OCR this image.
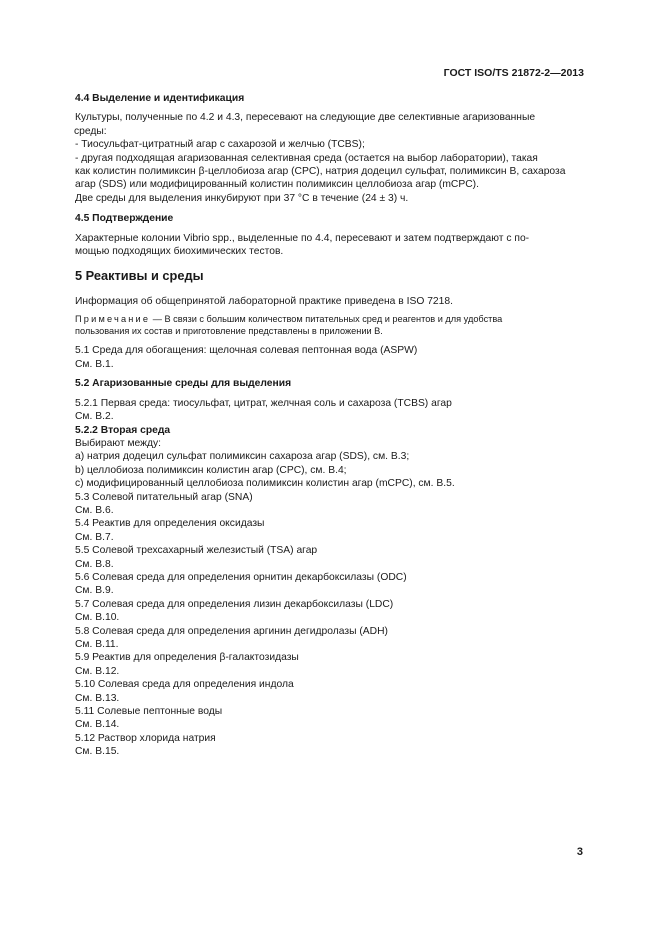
ГОСТ ISO/TS 21872-2—2013

4.4 Выделение и идентификация

Культуры, полученные по 4.2 и 4.3, пересевают на следующие две селективные агаризованные

среды:

- Тиосульфат-цитратный агар с сахарозой и желчью (TCBS);

- другая подходящая агаризованная селективная среда (остается на выбор лаборатории), такая

как колистин полимиксин β-целлобиоза агар (CPC), натрия додецил сульфат, полимиксин B, сахароза

агар (SDS) или модифицированный колистин полимиксин целлобиоза агар (mCPC).

Две среды для выделения инкубируют при 37 °C в течение (24 ± 3) ч.

4.5 Подтверждение

Характерные колонии Vibrio spp., выделенные по 4.4, пересевают и затем подтверждают с по-

мощью подходящих биохимических тестов.

5 Реактивы и среды

Информация об общепринятой лабораторной практике приведена в ISO 7218.

Примечание — В связи с большим количеством питательных сред и реагентов и для удобства

пользования их состав и приготовление представлены в приложении B.

5.1 Среда для обогащения: щелочная солевая пептонная вода (ASPW)

См. B.1.

5.2 Агаризованные среды для выделения

5.2.1 Первая среда: тиосульфат, цитрат, желчная соль и сахароза (TCBS) агар

См. B.2.

5.2.2 Вторая среда

Выбирают между:

a) натрия додецил сульфат полимиксин сахароза агар (SDS), см. B.3;

b) целлобиоза полимиксин колистин агар (CPC), см. B.4;

c) модифицированный целлобиоза полимиксин колистин агар (mCPC), см. B.5.

5.3 Солевой питательный агар (SNA)

См. B.6.

5.4 Реактив для определения оксидазы

См. B.7.

5.5 Солевой трехсахарный железистый (TSA) агар

См. B.8.

5.6 Солевая среда для определения орнитин декарбоксилазы (ODC)

См. B.9.

5.7 Солевая среда для определения лизин декарбоксилазы (LDC)

См. B.10.

5.8 Солевая среда для определения аргинин дегидролазы (ADH)

См. B.11.

5.9 Реактив для определения β-галактозидазы

См. B.12.

5.10 Солевая среда для определения индола

См. B.13.

5.11 Солевые пептонные воды

См. B.14.

5.12 Раствор хлорида натрия

См. B.15.

3
